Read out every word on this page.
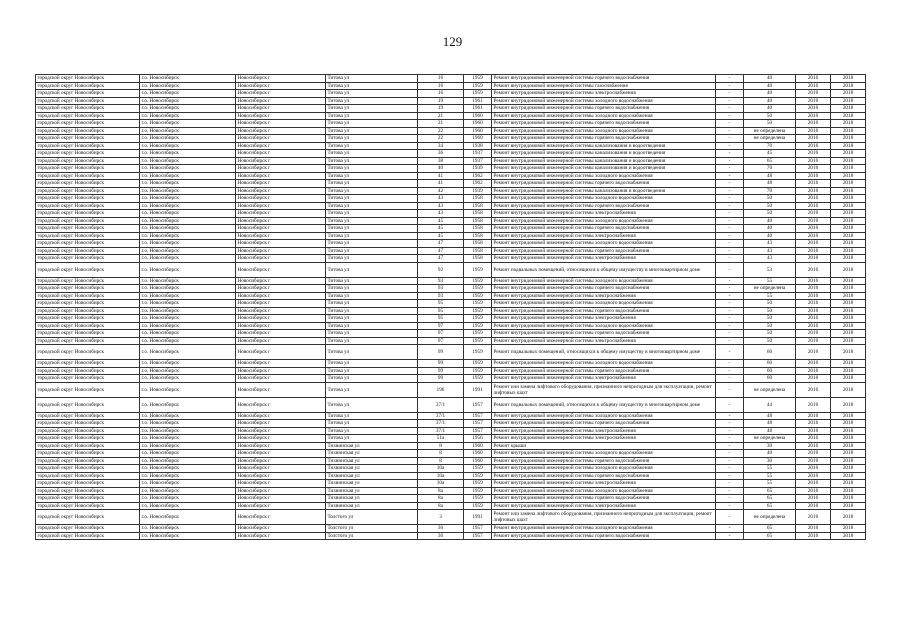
129
городской округ Новосибирск	г.о. Новосибирск	Новосибирск г	Титова ул	16	1959	Ремонт внутридомовой инженерной системы горячего водоснабжения	-	40	2016	2018
городской округ Новосибирск	г.о. Новосибирск	Новосибирск г	Титова ул	16	1959	Ремонт внутридомовой инженерной системы газоснабжения	-	40	2016	2018
городской округ Новосибирск	г.о. Новосибирск	Новосибирск г	Титова ул	16	1959	Ремонт внутридомовой инженерной системы электроснабжения	-	40	2016	2018
городской округ Новосибирск	г.о. Новосибирск	Новосибирск г	Титова ул	19	1961	Ремонт внутридомовой инженерной системы холодного водоснабжения	-	40	2016	2018
городской округ Новосибирск	г.о. Новосибирск	Новосибирск г	Титова ул	19	1961	Ремонт внутридомовой инженерной системы горячего водоснабжения	-	40	2016	2018
городской округ Новосибирск	г.о. Новосибирск	Новосибирск г	Титова ул	21	1960	Ремонт внутридомовой инженерной системы холодного водоснабжения	-	50	2016	2018
городской округ Новосибирск	г.о. Новосибирск	Новосибирск г	Титова ул	21	1960	Ремонт внутридомовой инженерной системы горячего водоснабжения	-	50	2016	2018
городской округ Новосибирск	г.о. Новосибирск	Новосибирск г	Титова ул	22	1960	Ремонт внутридомовой инженерной системы холодного водоснабжения	-	не определена	2016	2018
городской округ Новосибирск	г.о. Новосибирск	Новосибирск г	Титова ул	22	1960	Ремонт внутридомовой инженерной системы горячего водоснабжения	-	не определена	2016	2018
городской округ Новосибирск	г.о. Новосибирск	Новосибирск г	Титова ул	34	1938	Ремонт внутридомовой инженерной системы канализования и водоотведения	-	70	2016	2018
городской округ Новосибирск	г.о. Новосибирск	Новосибирск г	Титова ул	36	1937	Ремонт внутридомовой инженерной системы канализования и водоотведения	-	45	2016	2018
городской округ Новосибирск	г.о. Новосибирск	Новосибирск г	Титова ул	38	1937	Ремонт внутридомовой инженерной системы канализования и водоотведения	-	65	2016	2018
городской округ Новосибирск	г.о. Новосибирск	Новосибирск г	Титова ул	40	1939	Ремонт внутридомовой инженерной системы канализования и водоотведения	-	70	2016	2018
городской округ Новосибирск	г.о. Новосибирск	Новосибирск г	Титова ул	41	1962	Ремонт внутридомовой инженерной системы холодного водоснабжения	-	48	2016	2018
городской округ Новосибирск	г.о. Новосибирск	Новосибирск г	Титова ул	41	1962	Ремонт внутридомовой инженерной системы горячего водоснабжения	-	48	2016	2018
городской округ Новосибирск	г.о. Новосибирск	Новосибирск г	Титова ул	42	1939	Ремонт внутридомовой инженерной системы канализования и водоотведения	-	70	2016	2018
городской округ Новосибирск	г.о. Новосибирск	Новосибирск г	Титова ул	43	1958	Ремонт внутридомовой инженерной системы холодного водоснабжения	-	50	2016	2018
городской округ Новосибирск	г.о. Новосибирск	Новосибирск г	Титова ул	43	1958	Ремонт внутридомовой инженерной системы горячего водоснабжения	-	50	2016	2018
городской округ Новосибирск	г.о. Новосибирск	Новосибирск г	Титова ул	43	1958	Ремонт внутридомовой инженерной системы электроснабжения	-	50	2016	2018
городской округ Новосибирск	г.о. Новосибирск	Новосибирск г	Титова ул	45	1958	Ремонт внутридомовой инженерной системы холодного водоснабжения	-	40	2016	2018
городской округ Новосибирск	г.о. Новосибирск	Новосибирск г	Титова ул	45	1958	Ремонт внутридомовой инженерной системы горячего водоснабжения	-	40	2016	2018
городской округ Новосибирск	г.о. Новосибирск	Новосибирск г	Титова ул	45	1958	Ремонт внутридомовой инженерной системы электроснабжения	-	40	2016	2018
городской округ Новосибирск	г.о. Новосибирск	Новосибирск г	Титова ул	47	1958	Ремонт внутридомовой инженерной системы холодного водоснабжения	-	43	2016	2018
городской округ Новосибирск	г.о. Новосибирск	Новосибирск г	Титова ул	47	1958	Ремонт внутридомовой инженерной системы горячего водоснабжения	-	43	2016	2018
городской округ Новосибирск	г.о. Новосибирск	Новосибирск г	Титова ул	47	1958	Ремонт внутридомовой инженерной системы электроснабжения	-	43	2016	2018
городской округ Новосибирск	г.о. Новосибирск	Новосибирск г	Титова ул	92	1959	Ремонт подвальных помещений, относящихся к общему имуществу в многоквартирном доме	-	53	2016	2018
городской округ Новосибирск	г.о. Новосибирск	Новосибирск г	Титова ул	93	1959	Ремонт внутридомовой инженерной системы холодного водоснабжения	-	55	2016	2018
городской округ Новосибирск	г.о. Новосибирск	Новосибирск г	Титова ул	93	1959	Ремонт внутридомовой инженерной системы горячего водоснабжения	-	не определена	2016	2018
городской округ Новосибирск	г.о. Новосибирск	Новосибирск г	Титова ул	93	1959	Ремонт внутридомовой инженерной системы электроснабжения	-	55	2016	2018
городской округ Новосибирск	г.о. Новосибирск	Новосибирск г	Титова ул	95	1959	Ремонт внутридомовой инженерной системы холодного водоснабжения	-	50	2016	2018
городской округ Новосибирск	г.о. Новосибирск	Новосибирск г	Титова ул	95	1959	Ремонт внутридомовой инженерной системы горячего водоснабжения	-	50	2016	2018
городской округ Новосибирск	г.о. Новосибирск	Новосибирск г	Титова ул	95	1959	Ремонт внутридомовой инженерной системы электроснабжения	-	50	2016	2018
городской округ Новосибирск	г.о. Новосибирск	Новосибирск г	Титова ул	97	1959	Ремонт внутридомовой инженерной системы холодного водоснабжения	-	50	2016	2018
городской округ Новосибирск	г.о. Новосибирск	Новосибирск г	Титова ул	97	1959	Ремонт внутридомовой инженерной системы горячего водоснабжения	-	50	2016	2018
городской округ Новосибирск	г.о. Новосибирск	Новосибирск г	Титова ул	97	1959	Ремонт внутридомовой инженерной системы электроснабжения	-	50	2016	2018
городской округ Новосибирск	г.о. Новосибирск	Новосибирск г	Титова ул	99	1959	Ремонт подвальных помещений, относящихся к общему имуществу в многоквартирном доме	-	60	2016	2018
городской округ Новосибирск	г.о. Новосибирск	Новосибирск г	Титова ул	99	1959	Ремонт внутридомовой инженерной системы холодного водоснабжения	-	60	2016	2018
городской округ Новосибирск	г.о. Новосибирск	Новосибирск г	Титова ул	99	1959	Ремонт внутридомовой инженерной системы горячего водоснабжения	-	60	2016	2018
городской округ Новосибирск	г.о. Новосибирск	Новосибирск г	Титова ул	99	1959	Ремонт внутридомовой инженерной системы электроснабжения	-	60	2016	2018
городской округ Новосибирск	г.о. Новосибирск	Новосибирск г	Титова ул	196	1991	Ремонт или замена лифтового оборудования, признанного непригодным для эксплуатации, ремонт лифтовых шахт	-	не определена	2016	2018
городской округ Новосибирск	г.о. Новосибирск	Новосибирск г	Титова ул	37/1	1957	Ремонт подвальных помещений, относящихся к общему имуществу в многоквартирном доме	-	44	2016	2018
городской округ Новосибирск	г.о. Новосибирск	Новосибирск г	Титова ул	37/1	1957	Ремонт внутридомовой инженерной системы холодного водоснабжения	-	48	2016	2018
городской округ Новосибирск	г.о. Новосибирск	Новосибирск г	Титова ул	37/1	1957	Ремонт внутридомовой инженерной системы горячего водоснабжения	-	48	2016	2018
городской округ Новосибирск	г.о. Новосибирск	Новосибирск г	Титова ул	37/1	1957	Ремонт внутридомовой инженерной системы электроснабжения	-	48	2016	2018
городской округ Новосибирск	г.о. Новосибирск	Новосибирск г	Титова ул	51а	1956	Ремонт внутридомовой инженерной системы электроснабжения	-	не определена	2016	2018
городской округ Новосибирск	г.о. Новосибирск	Новосибирск г	Тихвинская ул	8	1960	Ремонт крыши	-	30	2016	2018
городской округ Новосибирск	г.о. Новосибирск	Новосибирск г	Тихвинская ул	8	1960	Ремонт внутридомовой инженерной системы холодного водоснабжения	-	40	2016	2018
городской округ Новосибирск	г.о. Новосибирск	Новосибирск г	Тихвинская ул	8	1960	Ремонт внутридомовой инженерной системы горячего водоснабжения	-	30	2016	2018
городской округ Новосибирск	г.о. Новосибирск	Новосибирск г	Тихвинская ул	10а	1959	Ремонт внутридомовой инженерной системы холодного водоснабжения	-	55	2016	2018
городской округ Новосибирск	г.о. Новосибирск	Новосибирск г	Тихвинская ул	10а	1959	Ремонт внутридомовой инженерной системы горячего водоснабжения	-	55	2016	2018
городской округ Новосибирск	г.о. Новосибирск	Новосибирск г	Тихвинская ул	10а	1959	Ремонт внутридомовой инженерной системы электроснабжения	-	55	2016	2018
городской округ Новосибирск	г.о. Новосибирск	Новосибирск г	Тихвинская ул	8а	1959	Ремонт внутридомовой инженерной системы холодного водоснабжения	-	65	2016	2018
городской округ Новосибирск	г.о. Новосибирск	Новосибирск г	Тихвинская ул	8а	1959	Ремонт внутридомовой инженерной системы горячего водоснабжения	-	65	2016	2018
городской округ Новосибирск	г.о. Новосибирск	Новосибирск г	Тихвинская ул	8а	1959	Ремонт внутридомовой инженерной системы электроснабжения	-	65	2016	2018
городской округ Новосибирск	г.о. Новосибирск	Новосибирск г	Толстого ул	3	1991	Ремонт или замена лифтового оборудования, признанного непригодным для эксплуатации, ремонт лифтовых шахт	-	не определена	2016	2018
городской округ Новосибирск	г.о. Новосибирск	Новосибирск г	Толстого ул	36	1957	Ремонт внутридомовой инженерной системы холодного водоснабжения	-	65	2016	2018
городской округ Новосибирск	г.о. Новосибирск	Новосибирск г	Толстого ул	36	1957	Ремонт внутридомовой инженерной системы горячего водоснабжения	-	65	2016	2018
